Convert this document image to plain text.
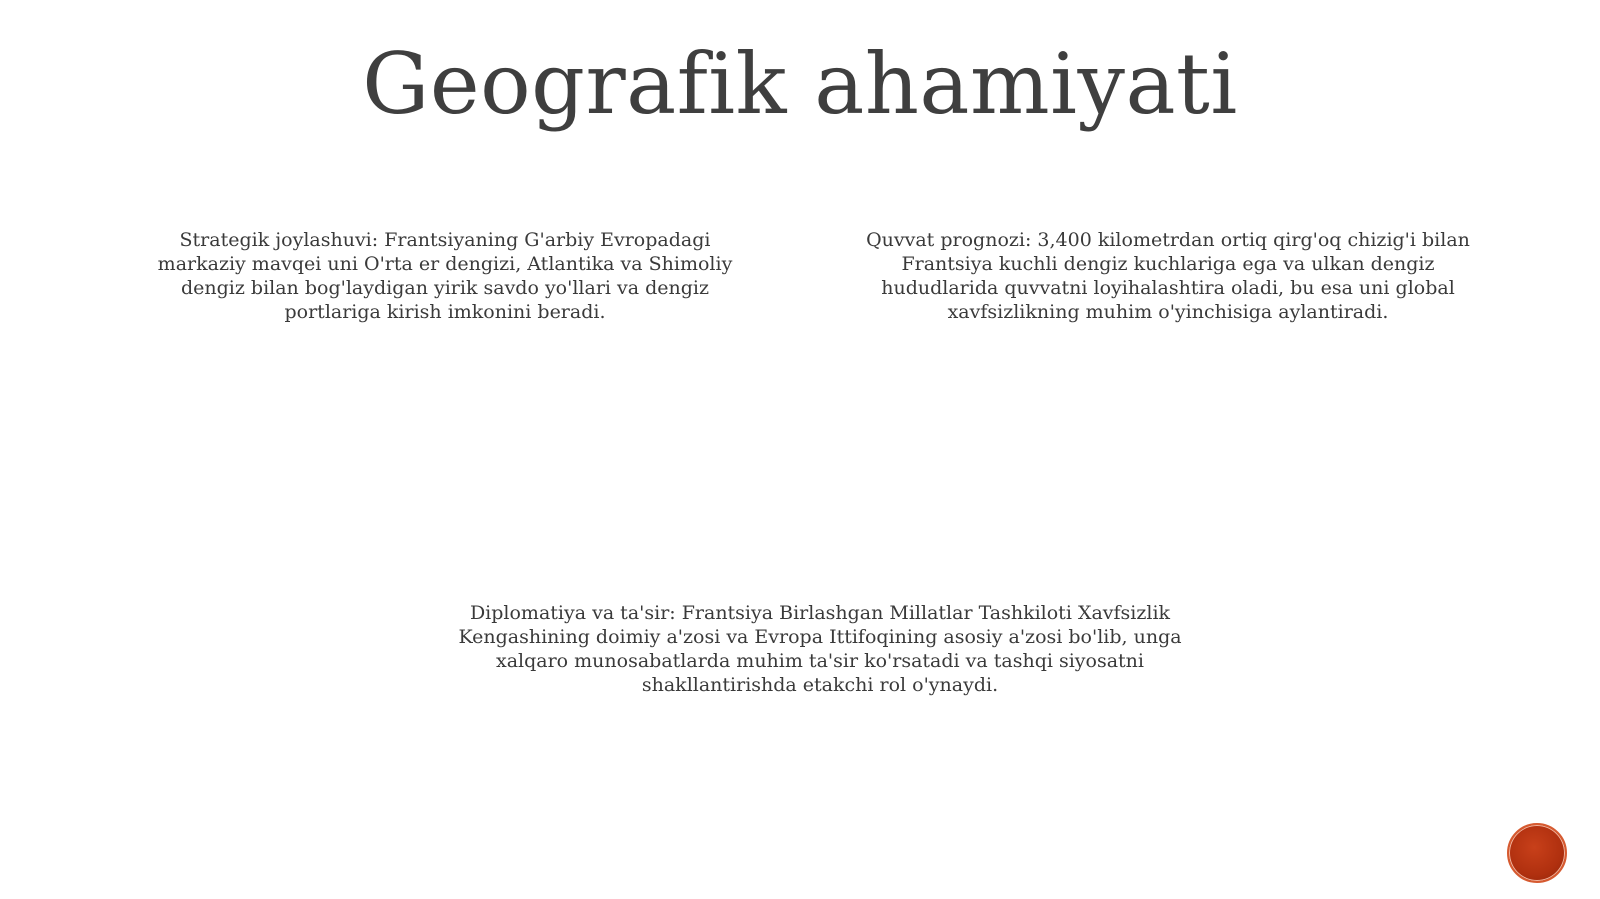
Geografik ahamiyati
Strategik joylashuvi: Frantsiyaning G'arbiy Evropadagi markaziy mavqei uni O'rta er dengizi, Atlantika va Shimoliy dengiz bilan bog'laydigan yirik savdo yo'llari va dengiz portlariga kirish imkonini beradi.
Quvvat prognozi: 3,400 kilometrdan ortiq qirg'oq chizig'i bilan Frantsiya kuchli dengiz kuchlariga ega va ulkan dengiz hududlarida quvvatni loyihalashtira oladi, bu esa uni global xavfsizlikning muhim o'yinchisiga aylantiradi.
Diplomatiya va ta'sir: Frantsiya Birlashgan Millatlar Tashkiloti Xavfsizlik Kengashining doimiy a'zosi va Evropa Ittifoqining asosiy a'zosi bo'lib, unga xalqaro munosabatlarda muhim ta'sir ko'rsatadi va tashqi siyosatni shakllantirishda etakchi rol o'ynaydi.
